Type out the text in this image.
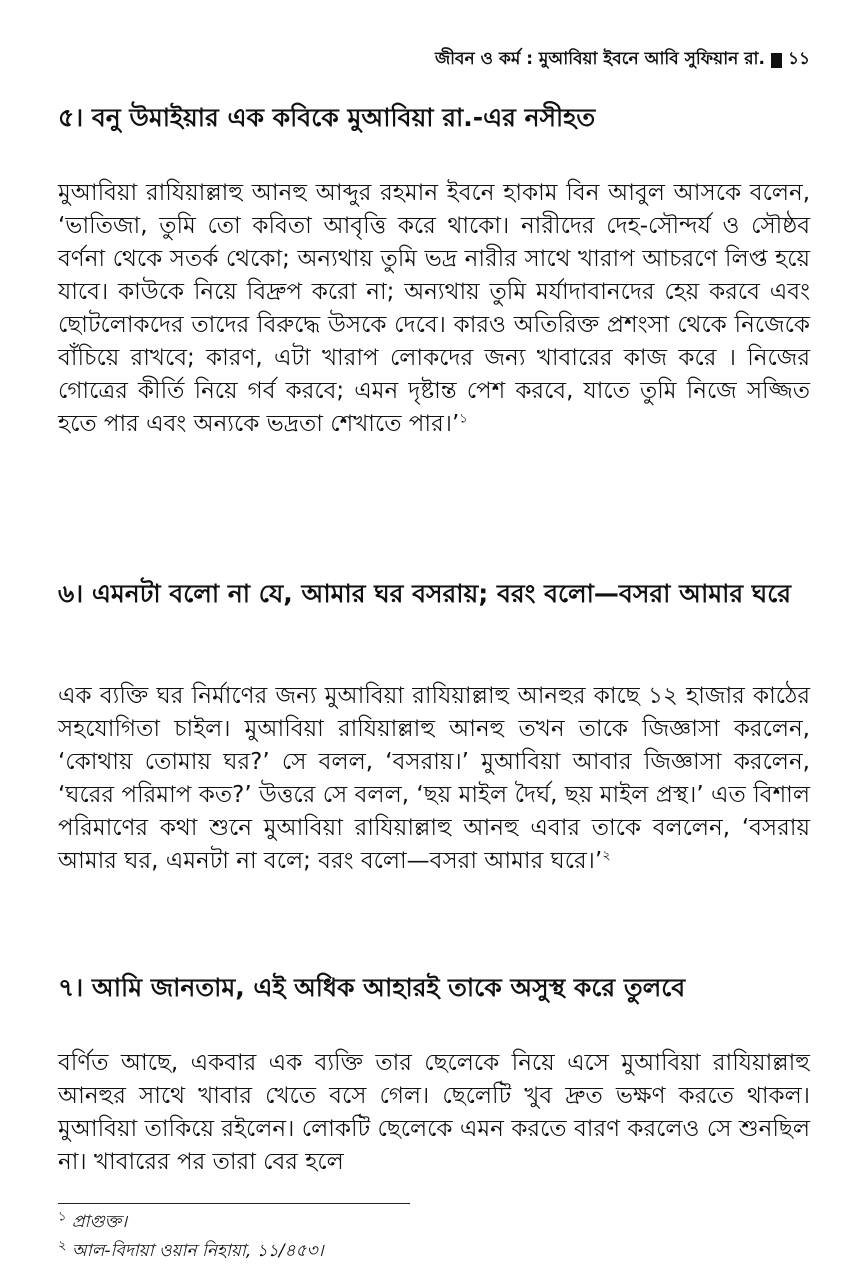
জীবন ও কর্ম : মুআবিয়া ইবনে আবি সুফিয়ান রা. ১১
৫। বনু উমাইয়ার এক কবিকে মুআবিয়া রা.-এর নসীহত

মুআবিয়া রাযিয়াল্লাহু আনহু আব্দুর রহমান ইবনে হাকাম বিন আবুল আসকে বলেন, ‘ভাতিজা, তুমি তো কবিতা আবৃত্তি করে থাকো। নারীদের দেহ-সৌন্দর্য ও সৌষ্ঠব বর্ণনা থেকে সতর্ক থেকো; অন্যথায় তুমি ভদ্র নারীর সাথে খারাপ আচরণে লিপ্ত হয়ে যাবে। কাউকে নিয়ে বিদ্রুপ করো না; অন্যথায় তুমি মর্যাদাবানদের হেয় করবে এবং ছোটলোকদের তাদের বিরুদ্ধে উসকে দেবে। কারও অতিরিক্ত প্রশংসা থেকে নিজেকে বাঁচিয়ে রাখবে; কারণ, এটা খারাপ লোকদের জন্য খাবারের কাজ করে । নিজের গোত্রের কীর্তি নিয়ে গর্ব করবে; এমন দৃষ্টান্ত পেশ করবে, যাতে তুমি নিজে সজ্জিত হতে পার এবং অন্যকে ভদ্রতা শেখাতে পার।’$^১$

৬। এমনটা বলো না যে, আমার ঘর বসরায়; বরং বলো—বসরা আমার ঘরে

এক ব্যক্তি ঘর নির্মাণের জন্য মুআবিয়া রাযিয়াল্লাহু আনহুর কাছে ১২ হাজার কাঠের সহযোগিতা চাইল। মুআবিয়া রাযিয়াল্লাহু আনহু তখন তাকে জিজ্ঞাসা করলেন, ‘কোথায় তোমায় ঘর?’ সে বলল, ‘বসরায়।’ মুআবিয়া আবার জিজ্ঞাসা করলেন, ‘ঘরের পরিমাপ কত?’ উত্তরে সে বলল, ‘ছয় মাইল দৈর্ঘ, ছয় মাইল প্রস্থ।’ এত বিশাল পরিমাণের কথা শুনে মুআবিয়া রাযিয়াল্লাহু আনহু এবার তাকে বললেন, ‘বসরায় আমার ঘর, এমনটা না বলে; বরং বলো—বসরা আমার ঘরে।’$^২$

৭। আমি জানতাম, এই অধিক আহারই তাকে অসুস্থ করে তুলবে

বর্ণিত আছে, একবার এক ব্যক্তি তার ছেলেকে নিয়ে এসে মুআবিয়া রাযিয়াল্লাহু আনহুর সাথে খাবার খেতে বসে গেল। ছেলেটি খুব দ্রুত ভক্ষণ করতে থাকল। মুআবিয়া তাকিয়ে রইলেন। লোকটি ছেলেকে এমন করতে বারণ করলেও সে শুনছিল না। খাবারের পর তারা বের হলে

$^১$ প্রাগুক্ত।
$^২$ আল-বিদায়া ওয়ান নিহায়া, ১১/৪৫৩।
